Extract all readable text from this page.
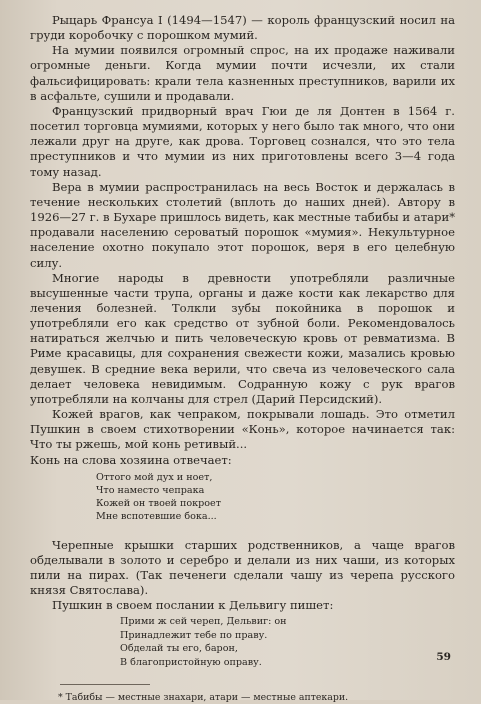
Рыцарь Франсуа I (1494—1547) — король французский носил на груди коробочку с порошком мумий.

На мумии появился огромный спрос, на их продаже наживали огромные деньги. Когда мумии почти исчезли, их стали фальсифицировать: крали тела казненных преступников, варили их в асфальте, сушили и продавали.

Французский придворный врач Гюи де ля Донтен в 1564 г. посетил торговца мумиями, которых у него было так много, что они лежали друг на друге, как дрова. Торговец сознался, что это тела преступников и что мумии из них приготовлены всего 3—4 года тому назад.

Вера в мумии распространилась на весь Восток и держалась в течение нескольких столетий (вплоть до наших дней). Автору в 1926—27 г. в Бухаре пришлось видеть, как местные табибы и атари* продавали населению сероватый порошок «мумия». Некультурное население охотно покупало этот порошок, веря в его целебную силу.

Многие народы в древности употребляли различные высушенные части трупа, органы и даже кости как лекарство для лечения болезней. Толкли зубы покойника в порошок и употребляли его как средство от зубной боли. Рекомендовалось натираться желчью и пить человеческую кровь от ревматизма. В Риме красавицы, для сохранения свежести кожи, мазались кровью девушек. В средние века верили, что свеча из человеческого сала делает человека невидимым. Содранную кожу с рук врагов употребляли на колчаны для стрел (Дарий Персидский).

Кожей врагов, как чепраком, покрывали лошадь. Это отметил Пушкин в своем стихотворении «Конь», которое начинается так: Что ты ржешь, мой конь ретивый...

Конь на слова хозяина отвечает:

Оттого мой дух и ноет,
Что наместо чепрака
Кожей он твоей покроет
Мне вспотевшие бока...

Черепные крышки старших родственников, а чаще врагов обделывали в золото и серебро и делали из них чаши, из которых пили на пирах. (Так печенеги сделали чашу из черепа русского князя Святослава).

Пушкин в своем послании к Дельвигу пишет:

Прими ж сей череп, Дельвиг: он
Принадлежит тебе по праву.
Обделай ты его, барон,
В благопристойную оправу.

* Табибы — местные знахари, атари — местные аптекари.

59
